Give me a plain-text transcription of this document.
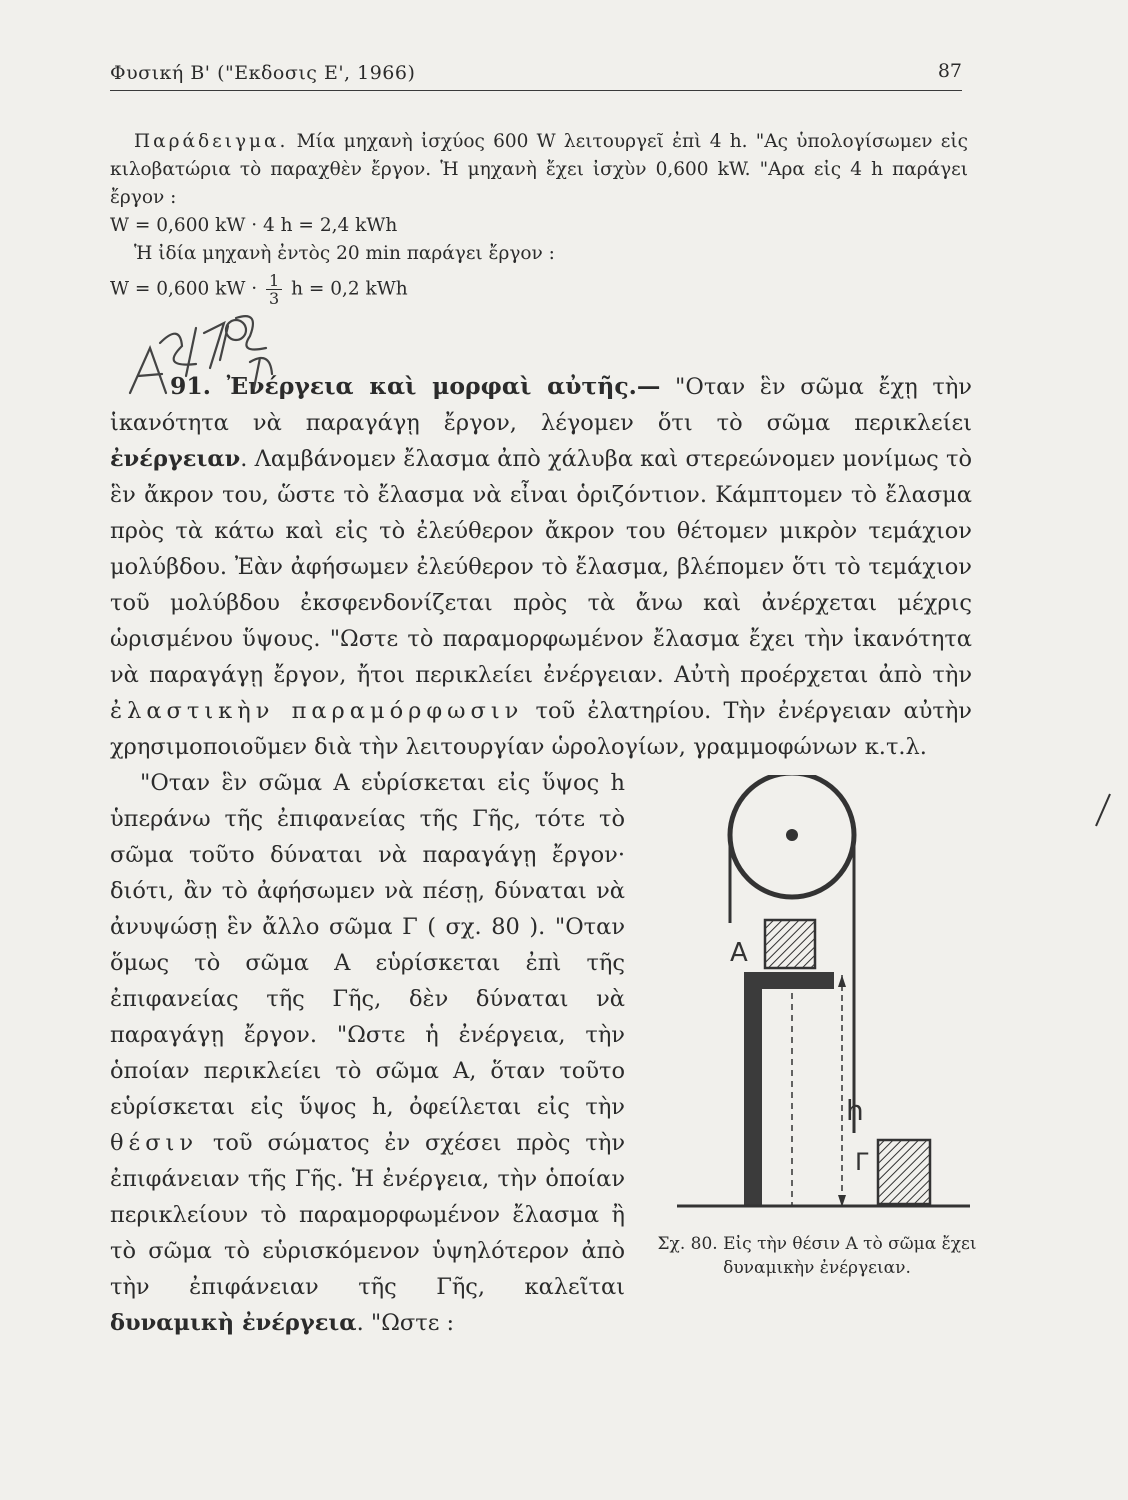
Φυσική Β' ("Εκδοσις Ε', 1966)	87

Παράδειγμα. Μία μηχανὴ ἰσχύος 600 W λειτουργεῖ ἐπὶ 4 h. "Ας ὑπολογίσωμεν εἰς κιλοβατώρια τὸ παραχθὲν ἔργον. Ἡ μηχανὴ ἔχει ἰσχὺν 0,600 kW. "Αρα εἰς 4 h παράγει ἔργον :

W = 0,600 kW · 4 h = 2,4 kWh

Ἡ ἰδία μηχανὴ ἐντὸς 20 min παράγει ἔργον :

W = 0,600 kW · $\frac{1}{3}$ h = 0,2 kWh

91. Ἐνέργεια καὶ μορφαὶ αὐτῆς.— "Οταν ἓν σῶμα ἔχῃ τὴν ἱκανότητα νὰ παραγάγῃ ἔργον, λέγομεν ὅτι τὸ σῶμα περικλείει ἐνέργειαν. Λαμβάνομεν ἔλασμα ἀπὸ χάλυβα καὶ στερεώνομεν μονίμως τὸ ἓν ἄκρον του, ὥστε τὸ ἔλασμα νὰ εἶναι ὁριζόντιον. Κάμπτομεν τὸ ἔλασμα πρὸς τὰ κάτω καὶ εἰς τὸ ἐλεύθερον ἄκρον του θέτομεν μικρὸν τεμάχιον μολύβδου. Ἐὰν ἀφήσωμεν ἐλεύθερον τὸ ἔλασμα, βλέπομεν ὅτι τὸ τεμάχιον τοῦ μολύβδου ἐκσφενδονίζεται πρὸς τὰ ἄνω καὶ ἀνέρχεται μέχρις ὡρισμένου ὕψους. "Ωστε τὸ παραμορφωμένον ἔλασμα ἔχει τὴν ἱκανότητα νὰ παραγάγῃ ἔργον, ἤτοι περικλείει ἐνέργειαν. Αὐτὴ προέρχεται ἀπὸ τὴν ἐλαστικὴν παραμόρφωσιν τοῦ ἐλατηρίου. Τὴν ἐνέργειαν αὐτὴν χρησιμοποιοῦμεν διὰ τὴν λειτουργίαν ὡρολογίων, γραμμοφώνων κ.τ.λ.

"Οταν ἓν σῶμα Α εὑρίσκεται εἰς ὕψος h ὑπεράνω τῆς ἐπιφανείας τῆς Γῆς, τότε τὸ σῶμα τοῦτο δύναται νὰ παραγάγῃ ἔργον· διότι, ἂν τὸ ἀφήσωμεν νὰ πέσῃ, δύναται νὰ ἀνυψώσῃ ἓν ἄλλο σῶμα Γ ( σχ. 80 ). "Οταν ὅμως τὸ σῶμα Α εὑρίσκεται ἐπὶ τῆς ἐπιφανείας τῆς Γῆς, δὲν δύναται νὰ παραγάγῃ ἔργον. "Ωστε ἡ ἐνέργεια, τὴν ὁποίαν περικλείει τὸ σῶμα Α, ὅταν τοῦτο εὑρίσκεται εἰς ὕψος h, ὀφείλεται εἰς τὴν θέσιν τοῦ σώματος ἐν σχέσει πρὸς τὴν ἐπιφάνειαν τῆς Γῆς. Ἡ ἐνέργεια, τὴν ὁποίαν περικλείουν τὸ παραμορφωμένον ἔλασμα ἢ τὸ σῶμα τὸ εὑρισκόμενον ὑψηλότερον ἀπὸ τὴν ἐπιφάνειαν τῆς Γῆς, καλεῖται δυναμικὴ ἐνέργεια. "Ωστε :

A
h
Γ
Σχ. 80. Εἰς τὴν θέσιν Α τὸ σῶμα ἔχει δυναμικὴν ἐνέργειαν.
